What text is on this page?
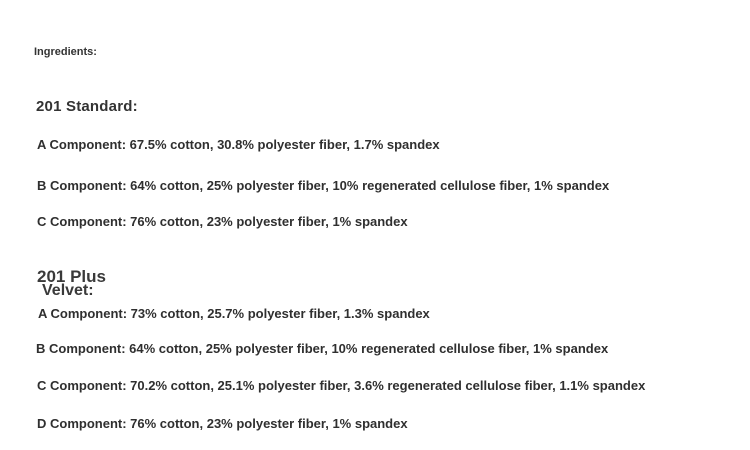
Ingredients:
201 Standard:
A Component: 67.5% cotton, 30.8% polyester fiber, 1.7% spandex
B Component: 64% cotton, 25% polyester fiber, 10% regenerated cellulose fiber, 1% spandex
C Component: 76% cotton, 23% polyester fiber, 1% spandex
201 Plus
Velvet:
A Component: 73% cotton, 25.7% polyester fiber, 1.3% spandex
B Component: 64% cotton, 25% polyester fiber, 10% regenerated cellulose fiber, 1% spandex
C Component: 70.2% cotton, 25.1% polyester fiber, 3.6% regenerated cellulose fiber, 1.1% spandex
D Component: 76% cotton, 23% polyester fiber, 1% spandex
